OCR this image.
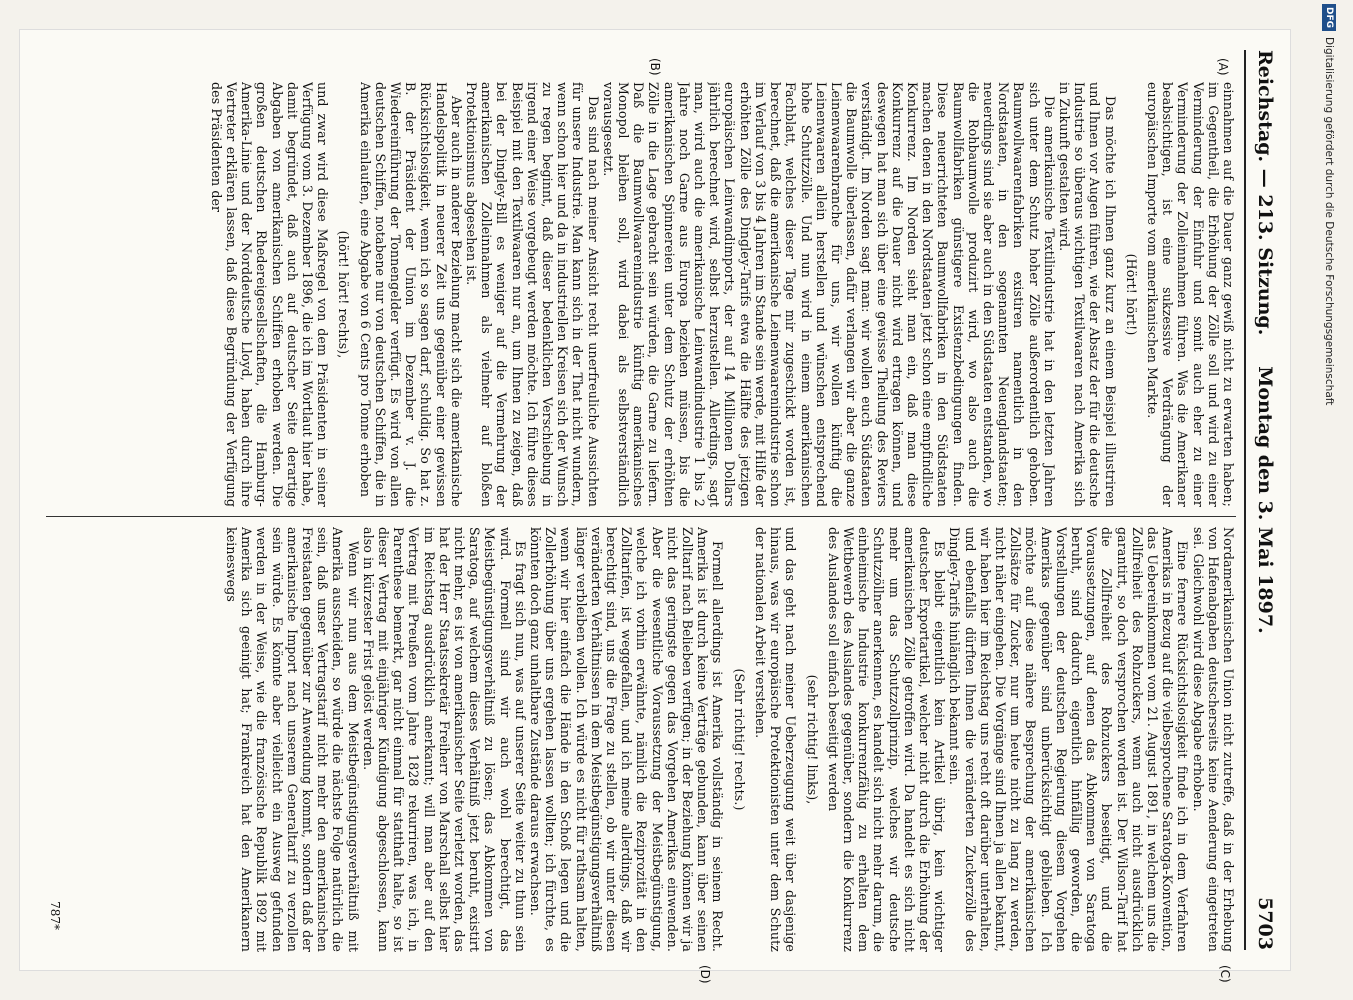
Reichstag. — 213. Sitzung.
Montag den 3. Mai 1897.
5703
(A)
(B)
(C)
(D)

einnahmen auf die Dauer ganz gewiß nicht zu erwarten haben; im Gegentheil, die Erhöhung der Zölle soll und wird zu einer Verminderung der Einfuhr und somit auch eher zu einer Verminderung der Zolleinnahmen führen. Was die Amerikaner beabsichtigen, ist eine sukzessive Verdrängung der europäischen Importe vom amerikanischen Markte.

(Hört! hört!)

Das möchte ich Ihnen ganz kurz an einem Beispiel illustriren und Ihnen vor Augen führen, wie der Absatz der für die deutsche Industrie so überaus wichtigen Textilwaaren nach Amerika sich in Zukunft gestalten wird.

Die amerikanische Textilindustrie hat in den letzten Jahren sich unter dem Schutz hoher Zölle außerordentlich gehoben. Baumwollwaarenfabriken existiren namentlich in den Nordstaaten, in den sogenannten Neuenglandstaaten; neuerdings sind sie aber auch in den Südstaaten entstanden, wo die Rohbaumwolle produzirt wird, wo also auch die Baumwollfabriken günstigere Existenzbedingungen finden. Diese neuerrichteten Baumwollfabriken in den Südstaaten machen denen in den Nordstaaten jetzt schon eine empfindliche Konkurrenz. Im Norden sieht man ein, daß man diese Konkurrenz auf die Dauer nicht wird ertragen können, und deswegen hat man sich über eine gewisse Theilung des Reviers verständigt. Im Norden sagt man: wir wollen euch Südstaaten die Baumwolle überlassen, dafür verlangen wir aber die ganze Leinenwaarenbranche für uns, wir wollen künftig die Leinenwaaren allein herstellen und wünschen entsprechend hohe Schutzzölle. Und nun wird in einem amerikanischen Fachblatt, welches dieser Tage mir zugeschickt worden ist, berechnet, daß die amerikanische Leinenwaarenindustrie schon im Verlauf von 3 bis 4 Jahren im Stande sein werde, mit Hilfe der erhöhten Zölle des Dingley-Tarifs etwa die Hälfte des jetzigen europäischen Leinwandimports, der auf 14 Millionen Dollars jährlich berechnet wird, selbst herzustellen. Allerdings, sagt man, wird auch die amerikanische Leinwandindustrie 1 bis 2 Jahre noch Garne aus Europa beziehen müssen, bis die amerikanischen Spinnereien unter dem Schutz der erhöhten Zölle in die Lage gebracht sein würden, die Garne zu liefern. Daß die Baumwollwaarenindustrie künftig amerikanisches Monopol bleiben soll, wird dabei als selbstverständlich vorausgesetzt.

Das sind nach meiner Ansicht recht unerfreuliche Aussichten für unsere Industrie. Man kann sich in der That nicht wundern, wenn schon hier und da in industriellen Kreisen sich der Wunsch zu regen beginnt, daß dieser bedenklichen Verschiebung in irgend einer Weise vorgebeugt werden möchte. Ich führe dieses Beispiel mit den Textilwaaren nur an, um Ihnen zu zeigen, daß bei der Dingley-Bill es weniger auf die Vermehrung der amerikanischen Zolleinnahmen als vielmehr auf bloßen Protektionismus abgesehen ist.

Aber auch in anderer Beziehung macht sich die amerikanische Handelspolitik in neuerer Zeit uns gegenüber einer gewissen Rücksichtslosigkeit, wenn ich so sagen darf, schuldig. So hat z. B. der Präsident der Union im Dezember v. J. die Wiedereinführung der Tonnengelder verfügt. Es wird von allen deutschen Schiffen, notabene nur von deutschen Schiffen, die in Amerika einlaufen, eine Abgabe von 6 Cents pro Tonne erhoben

(hört! hört! rechts),

und zwar wird diese Maßregel von dem Präsidenten in seiner Verfügung vom 3. Dezember 1896, die ich im Wortlaut hier habe, damit begründet, daß auch auf deutscher Seite derartige Abgaben von amerikanischen Schiffen erhoben werden. Die großen deutschen Rhedereigesellschaften, die Hamburg-Amerika-Linie und der Norddeutsche Lloyd, haben durch ihre Vertreter erklären lassen, daß diese Begründung der Verfügung des Präsidenten der

Nordamerikanischen Union nicht zutreffe, daß in der Erhebung von Hafenabgaben deutscherseits keine Aenderung eingetreten sei. Gleichwohl wird diese Abgabe erhoben.

Eine fernere Rücksichtslosigkeit finde ich in dem Verfahren Amerikas in Bezug auf die vielbesprochene Saratoga-Konvention, das Uebereinkommen vom 21. August 1891, in welchem uns die Zollfreiheit des Rohzuckers, wenn auch nicht ausdrücklich garantirt, so doch versprochen worden ist. Der Wilson-Tarif hat die Zollfreiheit des Rohzuckers beseitigt, und die Voraussetzungen, auf denen das Abkommen von Saratoga beruht, sind dadurch eigentlich hinfällig geworden, die Vorstellungen der deutschen Regierung diesem Vorgehen Amerikas gegenüber sind unberücksichtigt geblieben. Ich möchte auf diese nähere Besprechung der amerikanischen Zollsätze für Zucker, nur um heute nicht zu lang zu werden, nicht näher eingehen. Die Vorgänge sind Ihnen ja allen bekannt, wir haben hier im Reichstag uns recht oft darüber unterhalten, und ebenfalls dürften Ihnen die veränderten Zuckerzölle des Dingley-Tarifs hinlänglich bekannt sein.

Es bleibt eigentlich kein Artikel übrig, kein wichtiger deutscher Exportartikel, welcher nicht durch die Erhöhung der amerikanischen Zölle getroffen wird. Da handelt es sich nicht mehr um das Schutzzollprinzip, welches wir deutsche Schutzzöllner anerkennen, es handelt sich nicht mehr darum, die einheimische Industrie konkurrenzfähig zu erhalten dem Wettbewerb des Auslandes gegenüber, sondern die Konkurrenz des Auslandes soll einfach beseitigt werden

(sehr richtig! links),

und das geht nach meiner Ueberzeugung weit über dasjenige hinaus, was wir europäische Protektionisten unter dem Schutz der nationalen Arbeit verstehen.

(Sehr richtig! rechts.)

Formell allerdings ist Amerika vollständig in seinem Recht. Amerika ist durch keine Verträge gebunden, kann über seinen Zolltarif nach Belieben verfügen; in der Beziehung können wir ja nicht das geringste gegen das Vorgehen Amerikas einwenden. Aber die wesentliche Voraussetzung der Meistbegünstigung, welche ich vorhin erwähnte, nämlich die Reziprozität in den Zolltarifen, ist weggefallen, und ich meine allerdings, daß wir berechtigt sind, uns die Frage zu stellen, ob wir unter diesen veränderten Verhältnissen in dem Meistbegünstigungsverhältniß länger verbleiben wollen. Ich würde es nicht für rathsam halten, wenn wir hier einfach die Hände in den Schoß legen und die Zollerhöhung über uns ergehen lassen wollten; ich fürchte, es könnten doch ganz unhaltbare Zustände daraus erwachsen.

Es fragt sich nun, was auf unserer Seite weiter zu thun sein wird. Formell sind wir auch wohl berechtigt, das Meistbegünstigungsverhältniß zu lösen; das Abkommen von Saratoga, auf welchem dieses Verhältniß jetzt beruht, existirt nicht mehr, es ist von amerikanischer Seite verletzt worden, das hat der Herr Staatssekretär Freiherr von Marschall selbst hier im Reichstag ausdrücklich anerkannt; will man aber auf den Vertrag mit Preußen vom Jahre 1828 rekurriren, was ich, in Parenthese bemerkt, gar nicht einmal für statthaft halte, so ist dieser Vertrag mit einjähriger Kündigung abgeschlossen, kann also in kürzester Frist gelöst werden.

Wenn wir nun aus dem Meistbegünstigungsverhältniß mit Amerika ausscheiden, so würde die nächste Folge natürlich die sein, daß unser Vertragstarif nicht mehr den amerikanischen Freistaaten gegenüber zur Anwendung kommt, sondern daß der amerikanische Import nach unserem Generaltarif zu verzollen sein würde. Es könnte aber vielleicht ein Ausweg gefunden werden in der Weise, wie die französische Republik 1892 mit Amerika sich geeinigt hat; Frankreich hat den Amerikanern keineswegs

787*
DFGDigitalisierung gefördert durch die Deutsche Forschungsgemeinschaft
